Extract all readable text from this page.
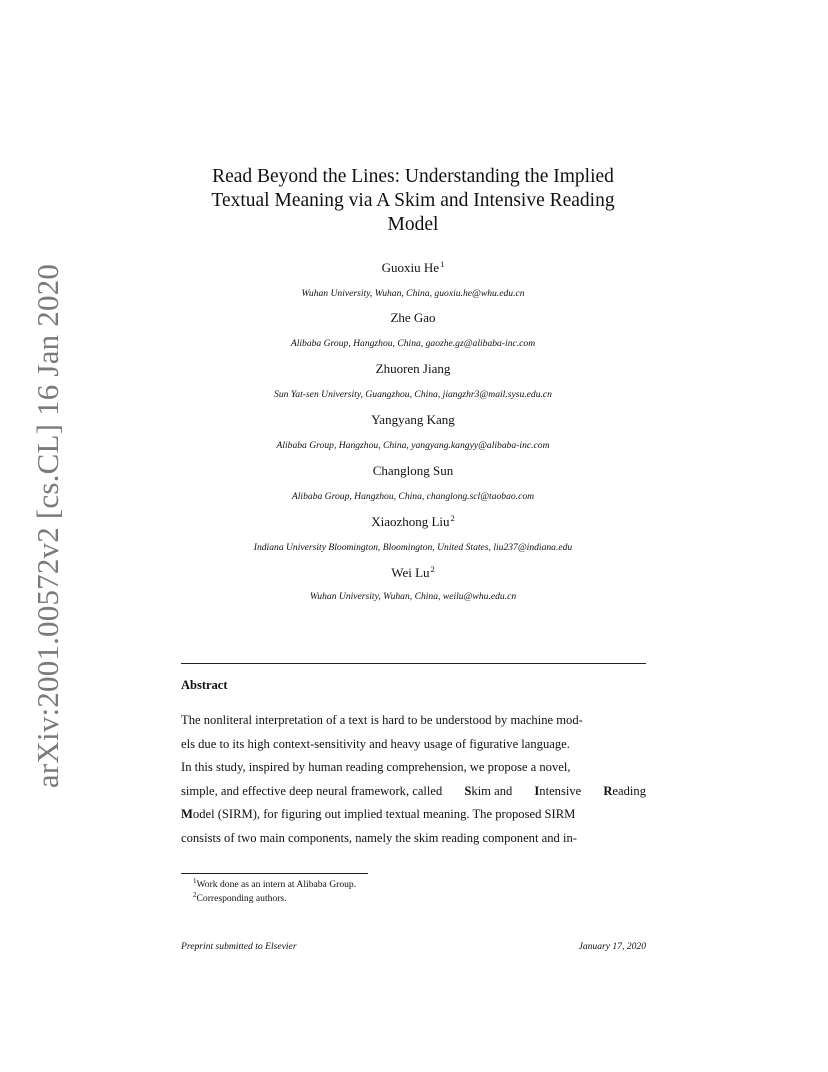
arXiv:2001.00572v2 [cs.CL] 16 Jan 2020
Read Beyond the Lines: Understanding the Implied
Textual Meaning via A Skim and Intensive Reading
Model
Guoxiu He$^1$
Wuhan University, Wuhan, China, guoxiu.he@whu.edu.cn
Zhe Gao
Alibaba Group, Hangzhou, China, gaozhe.gz@alibaba-inc.com
Zhuoren Jiang
Sun Yat-sen University, Guangzhou, China, jiangzhr3@mail.sysu.edu.cn
Yangyang Kang
Alibaba Group, Hangzhou, China, yangyang.kangyy@alibaba-inc.com
Changlong Sun
Alibaba Group, Hangzhou, China, changlong.scl@taobao.com
Xiaozhong Liu$^2$
Indiana University Bloomington, Bloomington, United States, liu237@indiana.edu
Wei Lu$^2$
Wuhan University, Wuhan, China, weilu@whu.edu.cn
Abstract
The nonliteral interpretation of a text is hard to be understood by machine mod-
els due to its high context-sensitivity and heavy usage of figurative language.
In this study, inspired by human reading comprehension, we propose a novel,
simple, and effective deep neural framework, called Skim and Intensive Reading
Model (SIRM), for figuring out implied textual meaning. The proposed SIRM
consists of two main components, namely the skim reading component and in-
$^1$Work done as an intern at Alibaba Group.
$^2$Corresponding authors.
Preprint submitted to Elsevier	January 17, 2020
